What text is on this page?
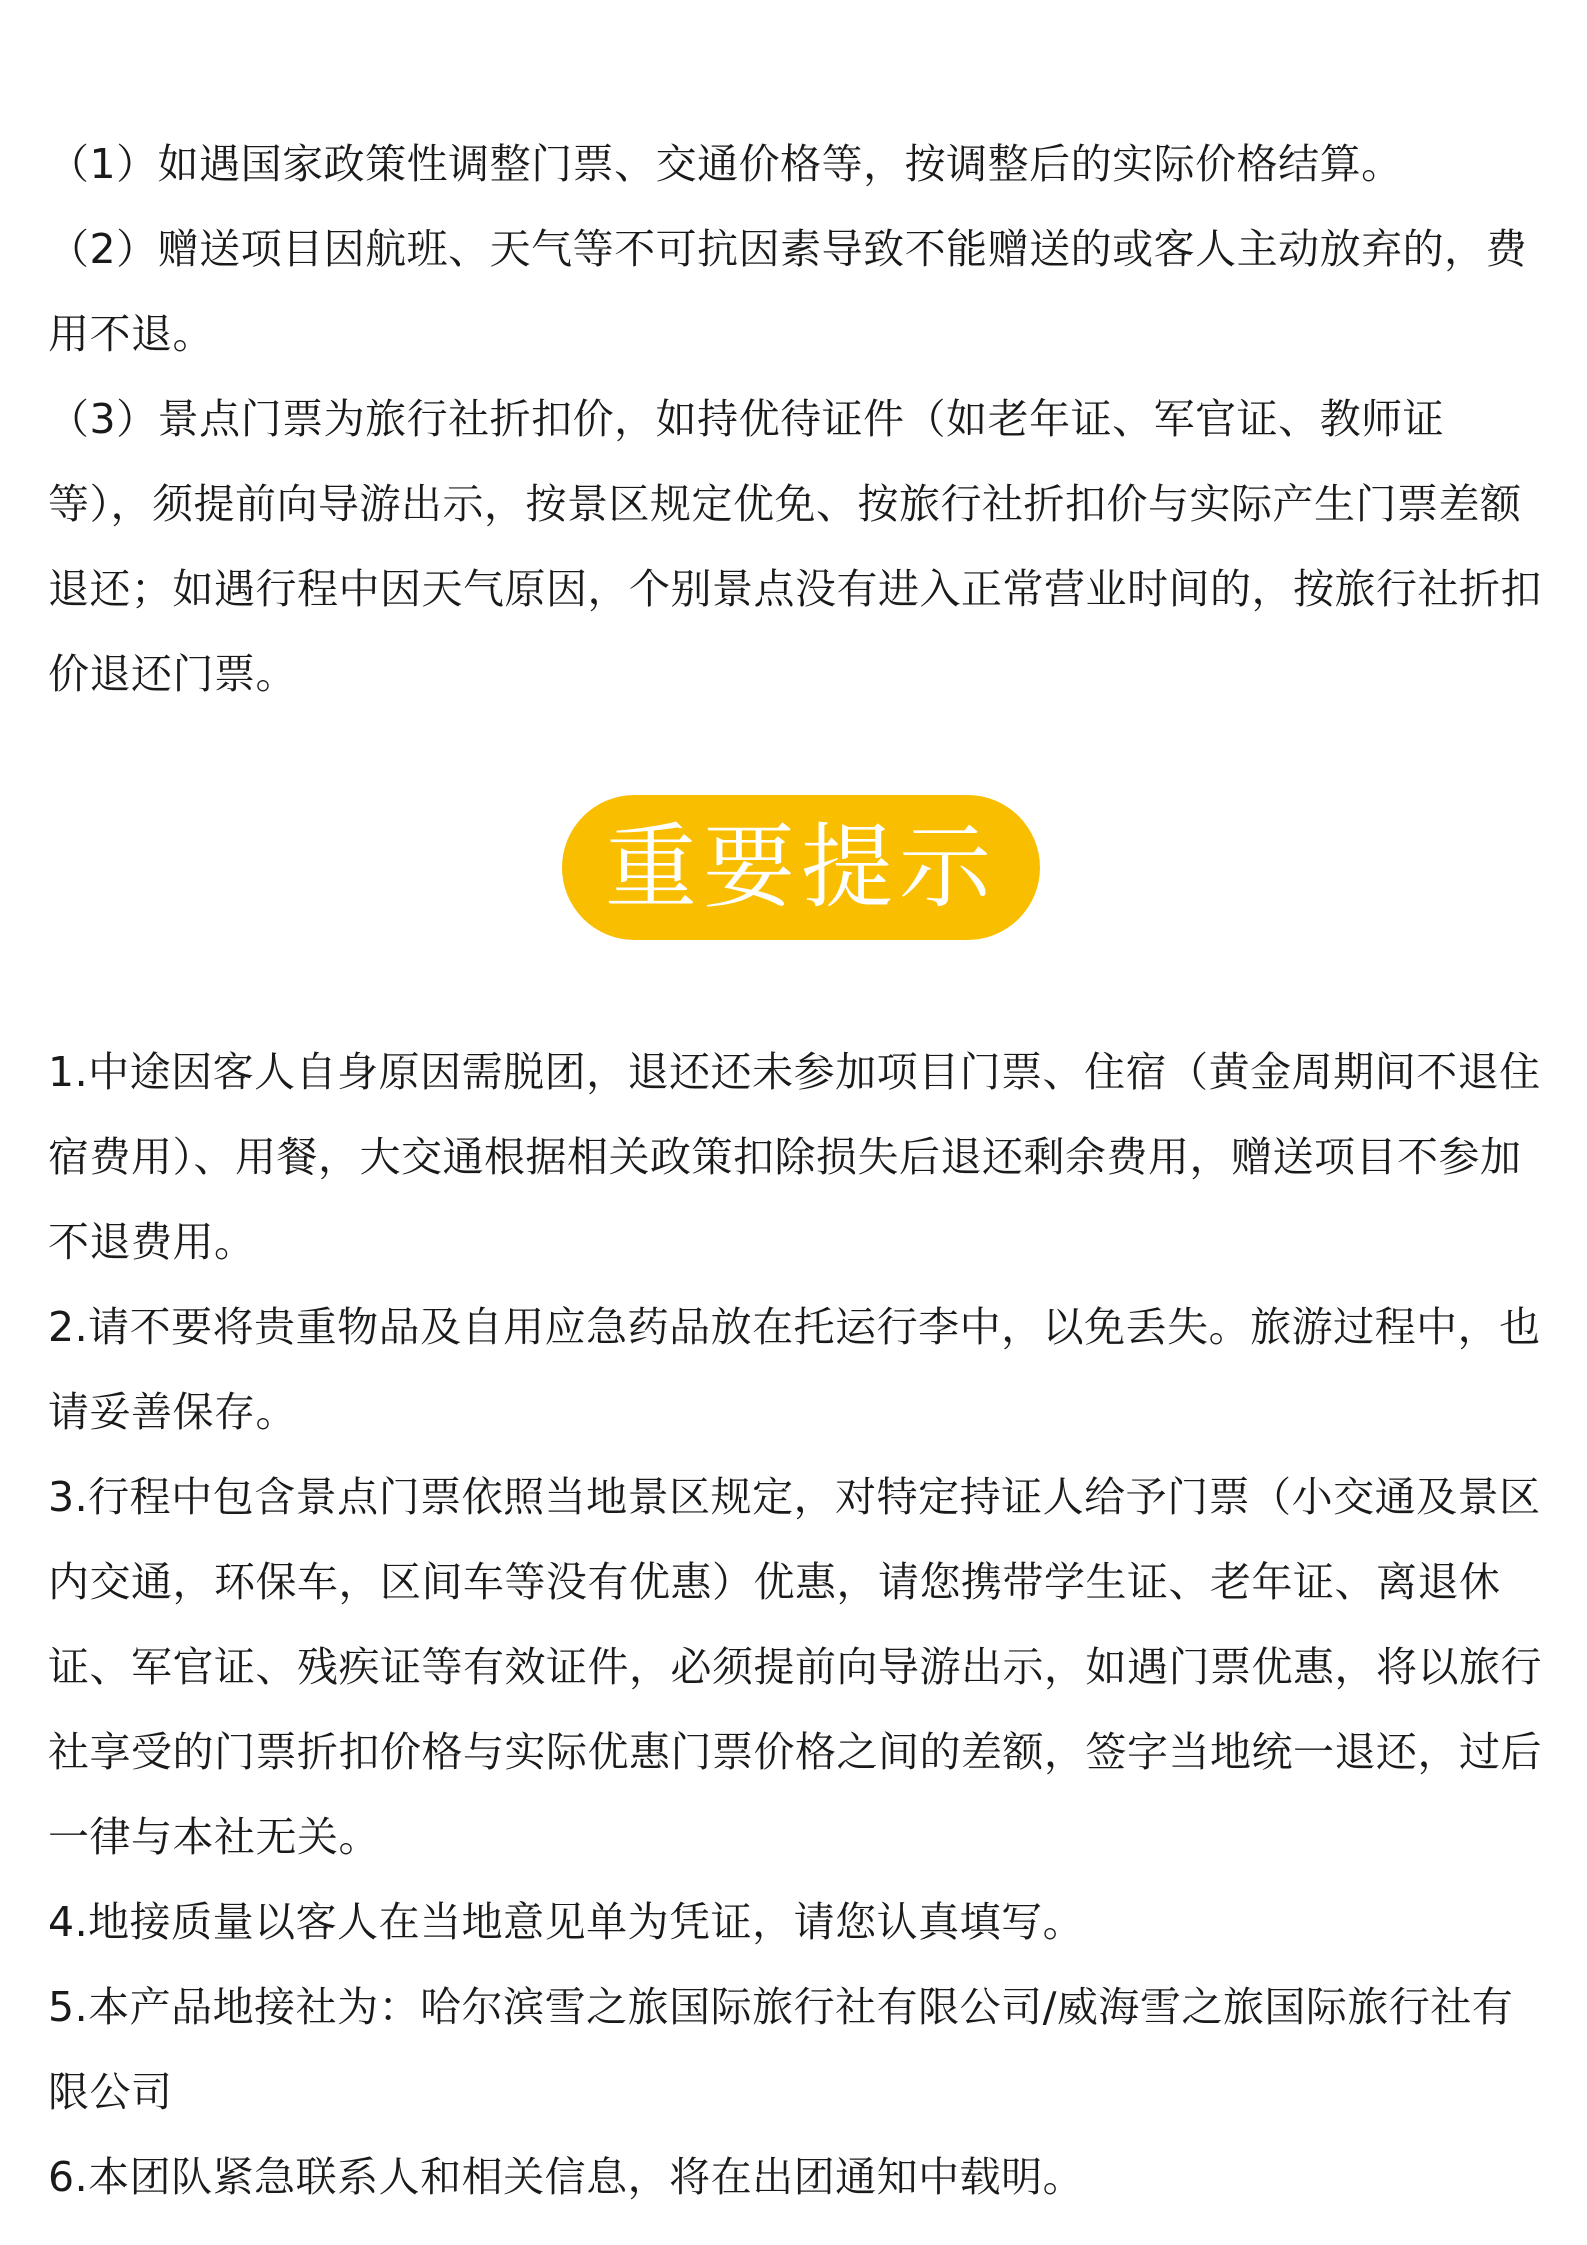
（1）如遇国家政策性调整门票、交通价格等，按调整后的实际价格结算。

（2）赠送项目因航班、天气等不可抗因素导致不能赠送的或客人主动放弃的，费用不退。

（3）景点门票为旅行社折扣价，如持优待证件（如老年证、军官证、教师证等），须提前向导游出示，按景区规定优免、按旅行社折扣价与实际产生门票差额退还；如遇行程中因天气原因，个别景点没有进入正常营业时间的，按旅行社折扣价退还门票。

重要提示

1.中途因客人自身原因需脱团，退还还未参加项目门票、住宿（黄金周期间不退住宿费用）、用餐，大交通根据相关政策扣除损失后退还剩余费用，赠送项目不参加不退费用。

2.请不要将贵重物品及自用应急药品放在托运行李中，以免丢失。旅游过程中，也请妥善保存。

3.行程中包含景点门票依照当地景区规定，对特定持证人给予门票（小交通及景区内交通，环保车，区间车等没有优惠）优惠，请您携带学生证、老年证、离退休证、军官证、残疾证等有效证件，必须提前向导游出示，如遇门票优惠，将以旅行社享受的门票折扣价格与实际优惠门票价格之间的差额，签字当地统一退还，过后一律与本社无关。

4.地接质量以客人在当地意见单为凭证，请您认真填写。

5.本产品地接社为：哈尔滨雪之旅国际旅行社有限公司/威海雪之旅国际旅行社有限公司

6.本团队紧急联系人和相关信息，将在出团通知中载明。
